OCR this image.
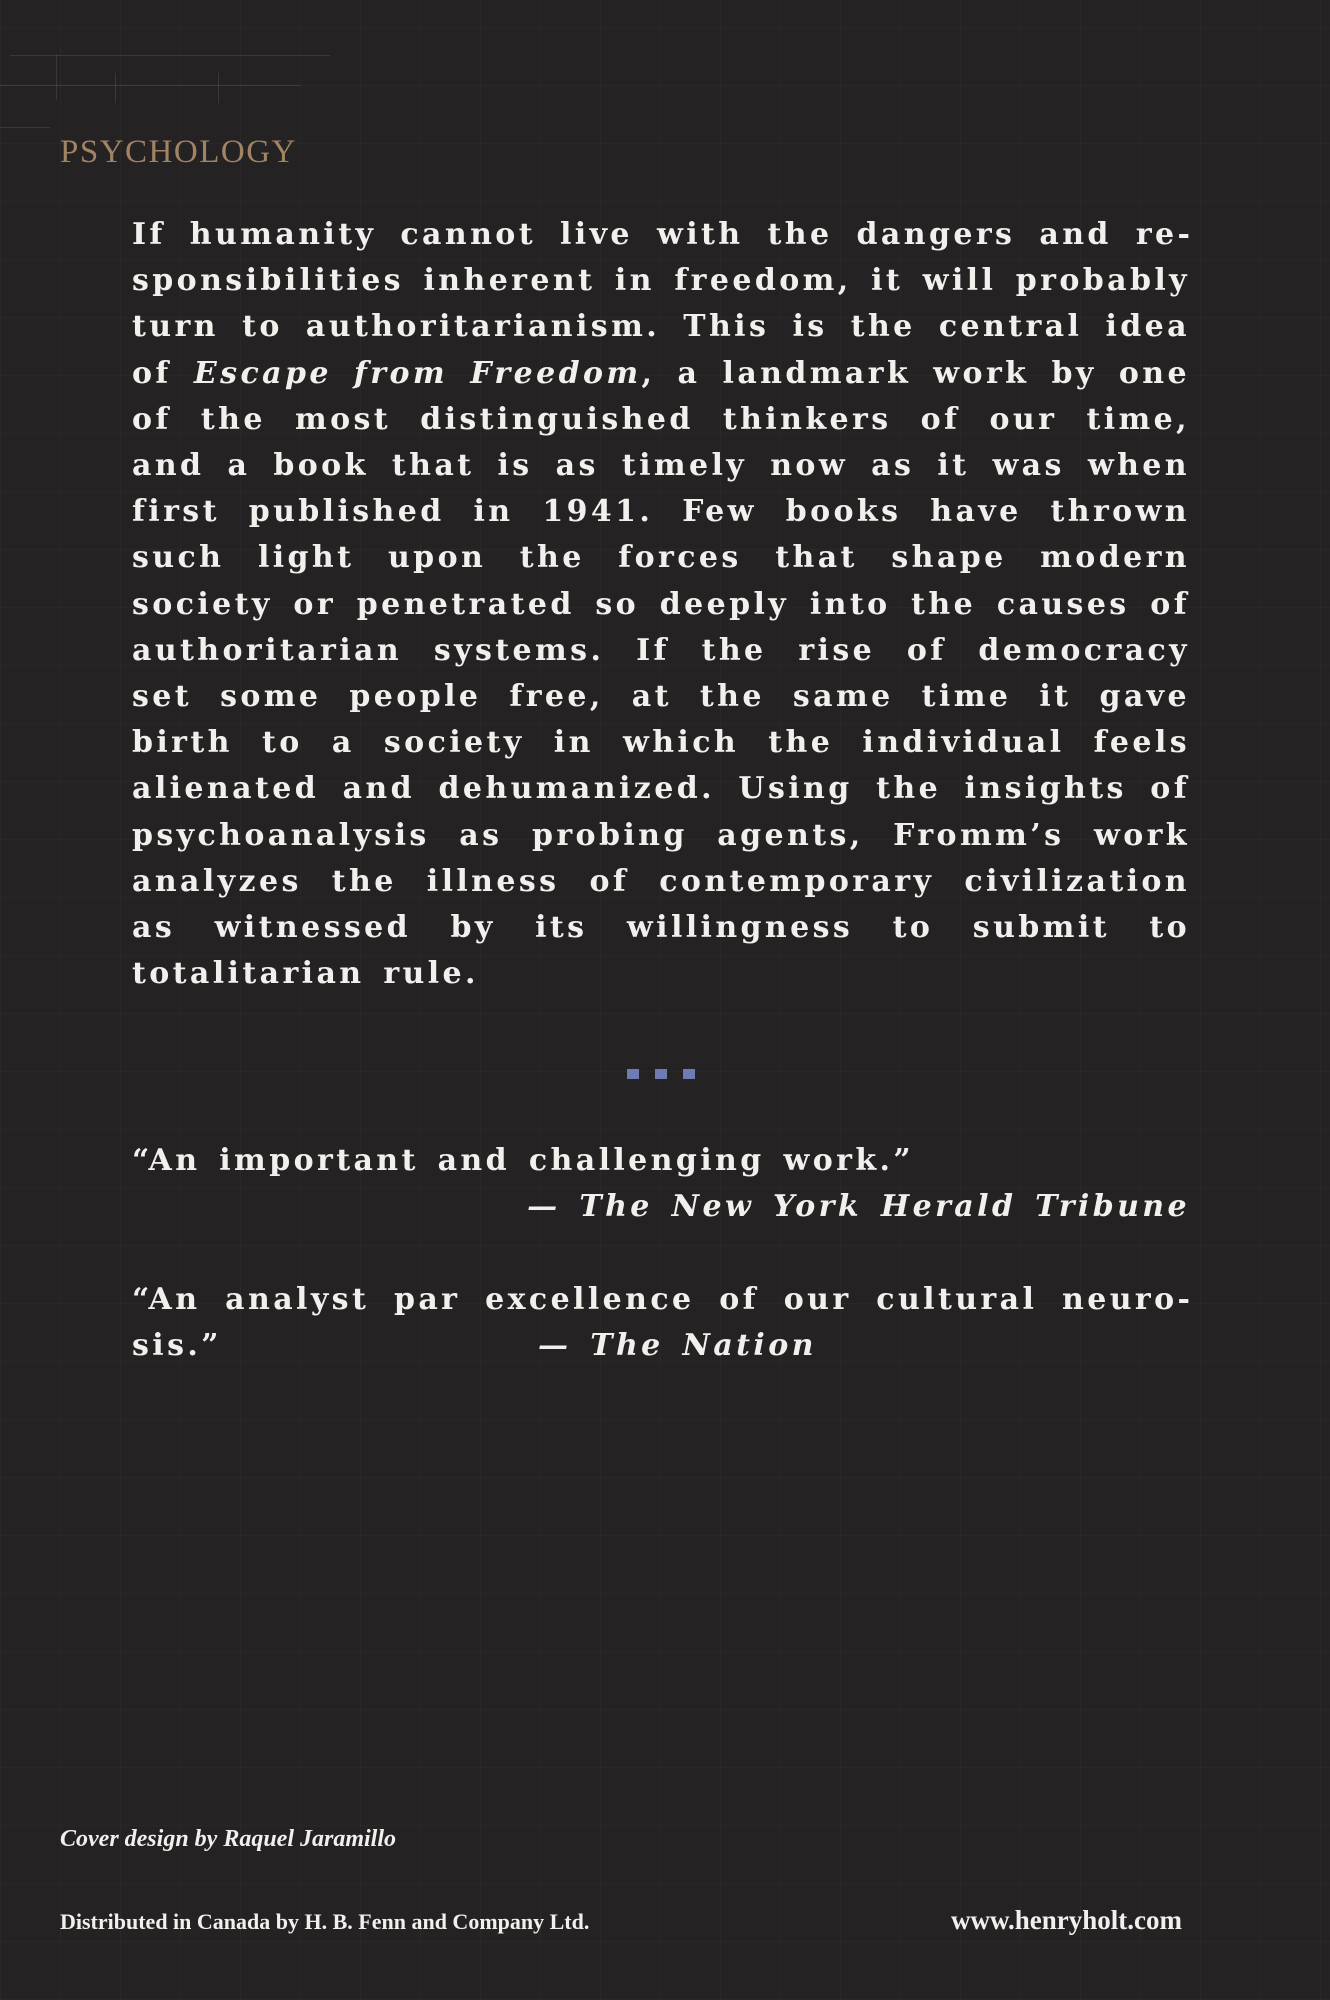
PSYCHOLOGY

If humanity cannot live with the dangers and responsibilities inherent in freedom, it will probably turn to authoritarianism. This is the central idea of Escape from Freedom, a landmark work by one of the most distinguished thinkers of our time, and a book that is as timely now as it was when first published in 1941. Few books have thrown such light upon the forces that shape modern society or penetrated so deeply into the causes of authoritarian systems. If the rise of democracy set some people free, at the same time it gave birth to a society in which the individual feels alienated and dehumanized. Using the insights of psychoanalysis as probing agents, Fromm’s work analyzes the illness of contemporary civilization as witnessed by its willingness to submit to totalitarian rule.

“An important and challenging work.”
— The New York Herald Tribune
“An analyst par excellence of our cultural neurosis.”	— The Nation
Cover design by Raquel Jaramillo
Distributed in Canada by H. B. Fenn and Company Ltd.	www.henryholt.com
